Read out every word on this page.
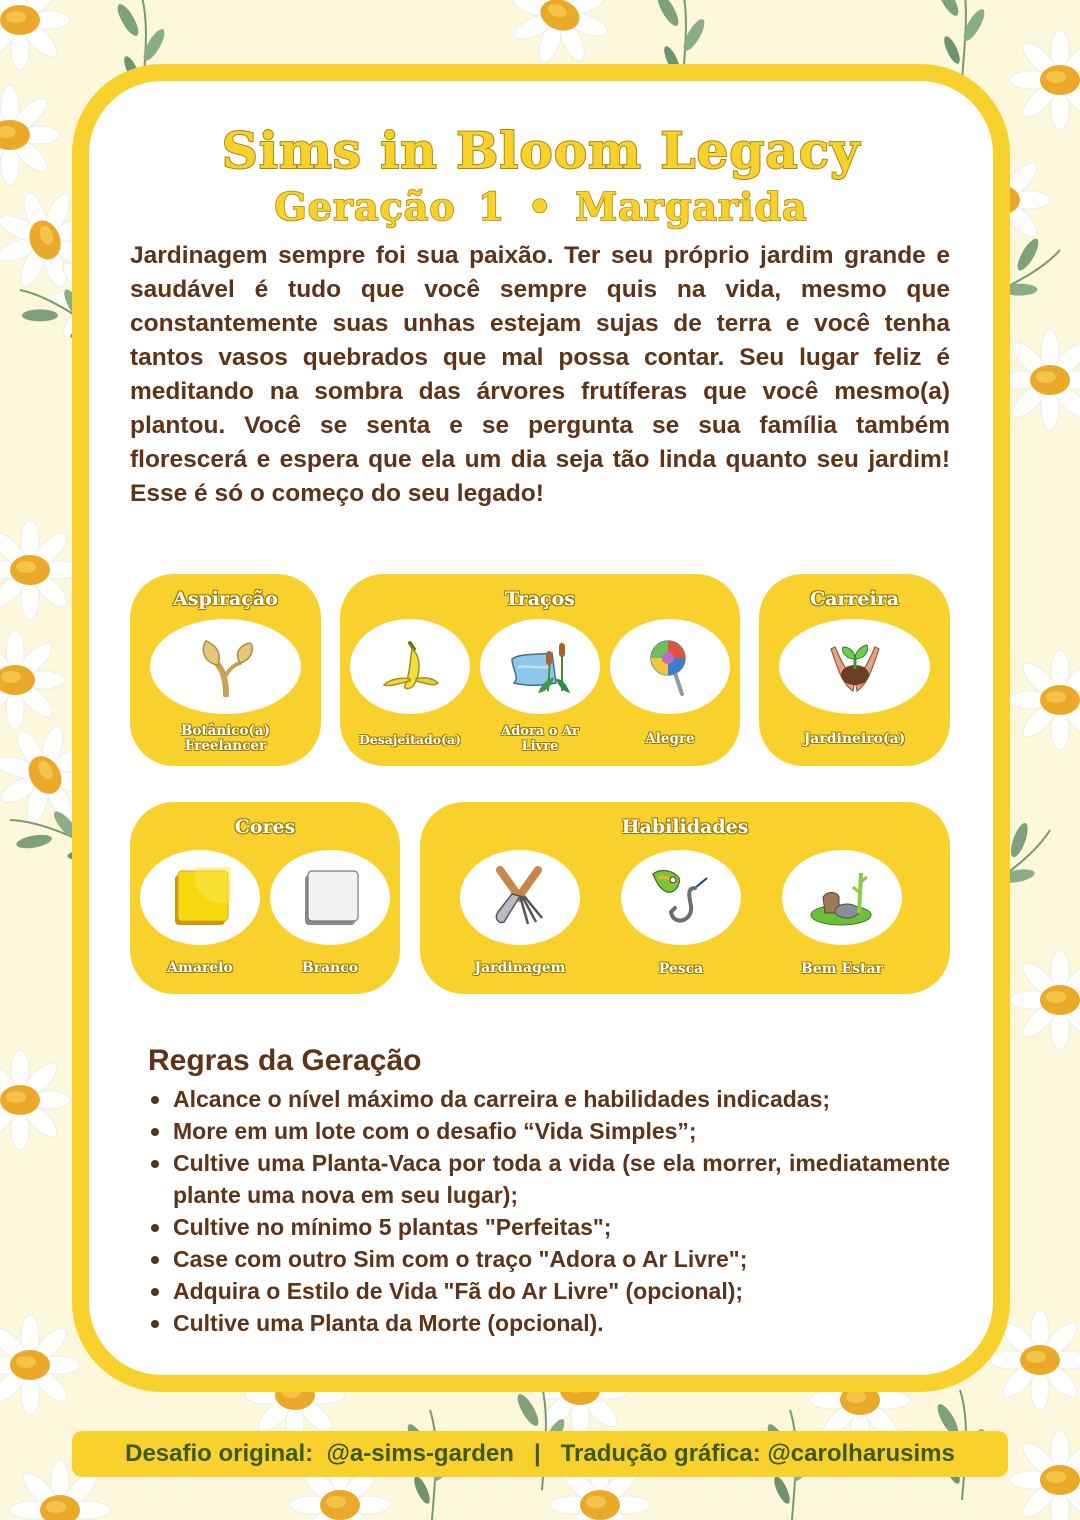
Sims in Bloom Legacy
Geração 1 • Margarida

Jardinagem sempre foi sua paixão. Ter seu próprio jardim grande e saudável é tudo que você sempre quis na vida, mesmo que constantemente suas unhas estejam sujas de terra e você tenha tantos vasos quebrados que mal possa contar. Seu lugar feliz é meditando na sombra das árvores frutíferas que você mesmo(a) plantou. Você se senta e se pergunta se sua família também florescerá e espera que ela um dia seja tão linda quanto seu jardim! Esse é só o começo do seu legado!

Aspiração
Botânico(a) Freelancer
Traços
Desajeitado(a)
Adora o Ar Livre	Alegre
Carreira
Jardineiro(a)
Cores
Amarelo	Branco
Habilidades
Jardinagem	Pesca	Bem Estar
Regras da Geração
Alcance o nível máximo da carreira e habilidades indicadas;
More em um lote com o desafio “Vida Simples”;
Cultive uma Planta-Vaca por toda a vida (se ela morrer, imediatamente plante uma nova em seu lugar);
Cultive no mínimo 5 plantas "Perfeitas";
Case com outro Sim com o traço "Adora o Ar Livre";
Adquira o Estilo de Vida "Fã do Ar Livre" (opcional);
Cultive uma Planta da Morte (opcional).
Desafio original:  @a-sims-garden   |   Tradução gráfica: @carolharusims
